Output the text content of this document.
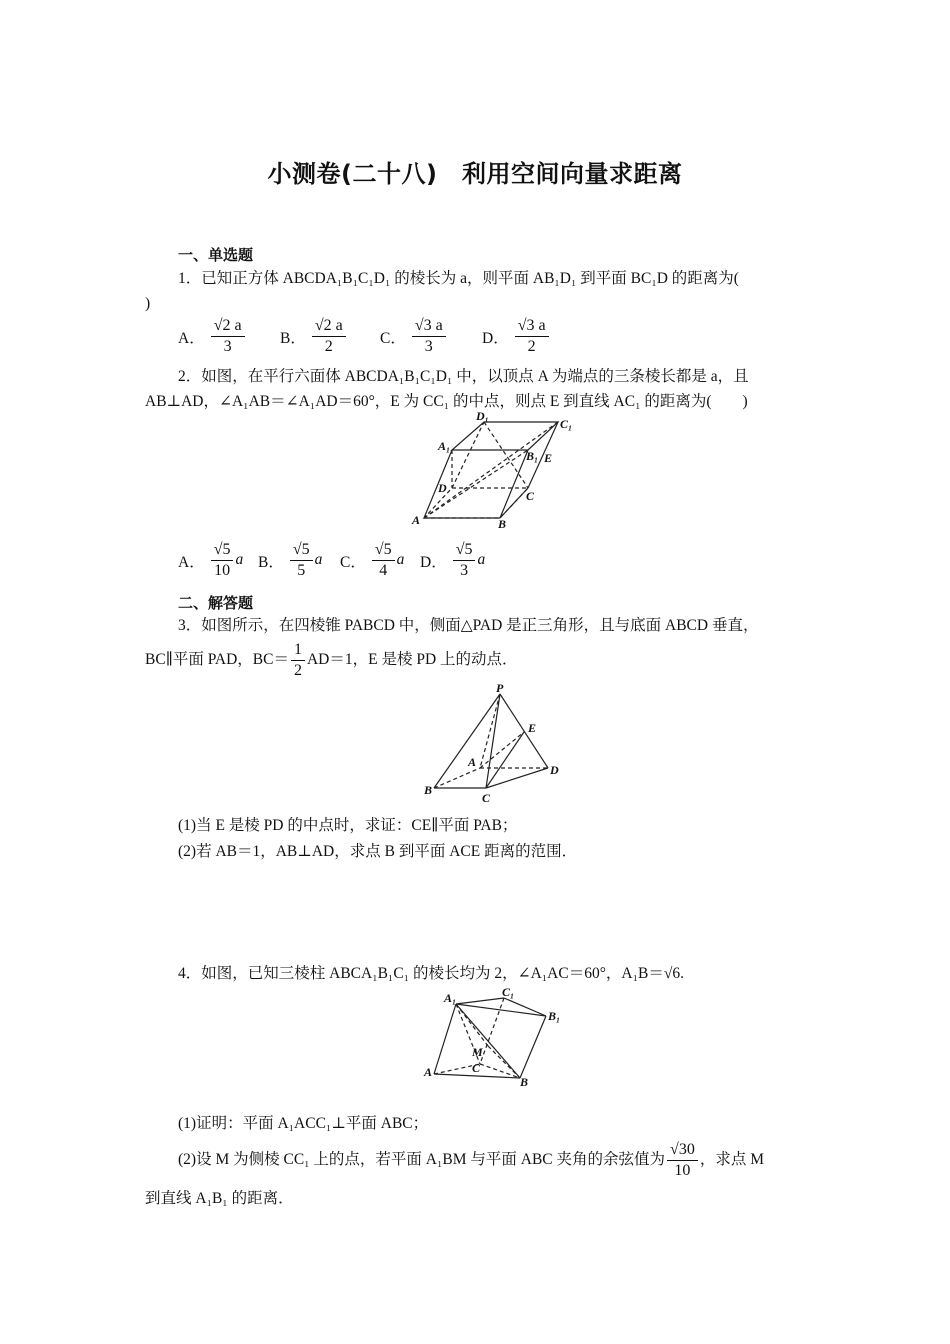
小测卷(二十八)　利用空间向量求距离
一、单选题
1．已知正方体 ABCDA₁B₁C₁D₁ 的棱长为 a，则平面 AB₁D₁ 到平面 BC₁D 的距离为(
)
A． $\frac{√2 a}{3}$ B． $\frac{√2 a}{2}$ C． $\frac{√3 a}{3}$ D． $\frac{√3 a}{2}$
2．如图，在平行六面体 ABCDA₁B₁C₁D₁ 中，以顶点 A 为端点的三条棱长都是 a，且
AB⊥AD，∠A₁AB＝∠A₁AD＝60°，E 为 CC₁ 的中点，则点 E 到直线 AC₁ 的距离为(　　)
D₁
C₁
A₁
B₁ E
D
C
A	B
A． $\frac{√5}{10}$ a B． $\frac{√5}{5}$ a C． $\frac{√5}{4}$ a D． $\frac{√5}{3}$ a
二、解答题
3．如图所示，在四棱锥 PABCD 中，侧面△PAD 是正三角形，且与底面 ABCD 垂直，
BC∥平面 PAD，$BC= \frac{1}{2} AD=1$，E 是棱 PD 上的动点．
P
E
A
D
B
C
(1)当 E 是棱 PD 的中点时，求证：CE∥平面 PAB；
(2)若 AB＝1，AB⊥AD，求点 B 到平面 ACE 距离的范围．
4．如图，已知三棱柱 ABCA₁B₁C₁ 的棱长均为 2，∠A₁AC＝60°，A₁B＝√6.
C₁
A₁
B₁
M
C
A
B
(1)证明：平面 A₁ACC₁⊥平面 ABC；
(2)设 M 为侧棱 CC₁ 上的点，若平面 A₁BM 与平面 ABC 夹角的余弦值为 $\frac{√30}{10}$ ，求点 M
到直线 A₁B₁ 的距离．
